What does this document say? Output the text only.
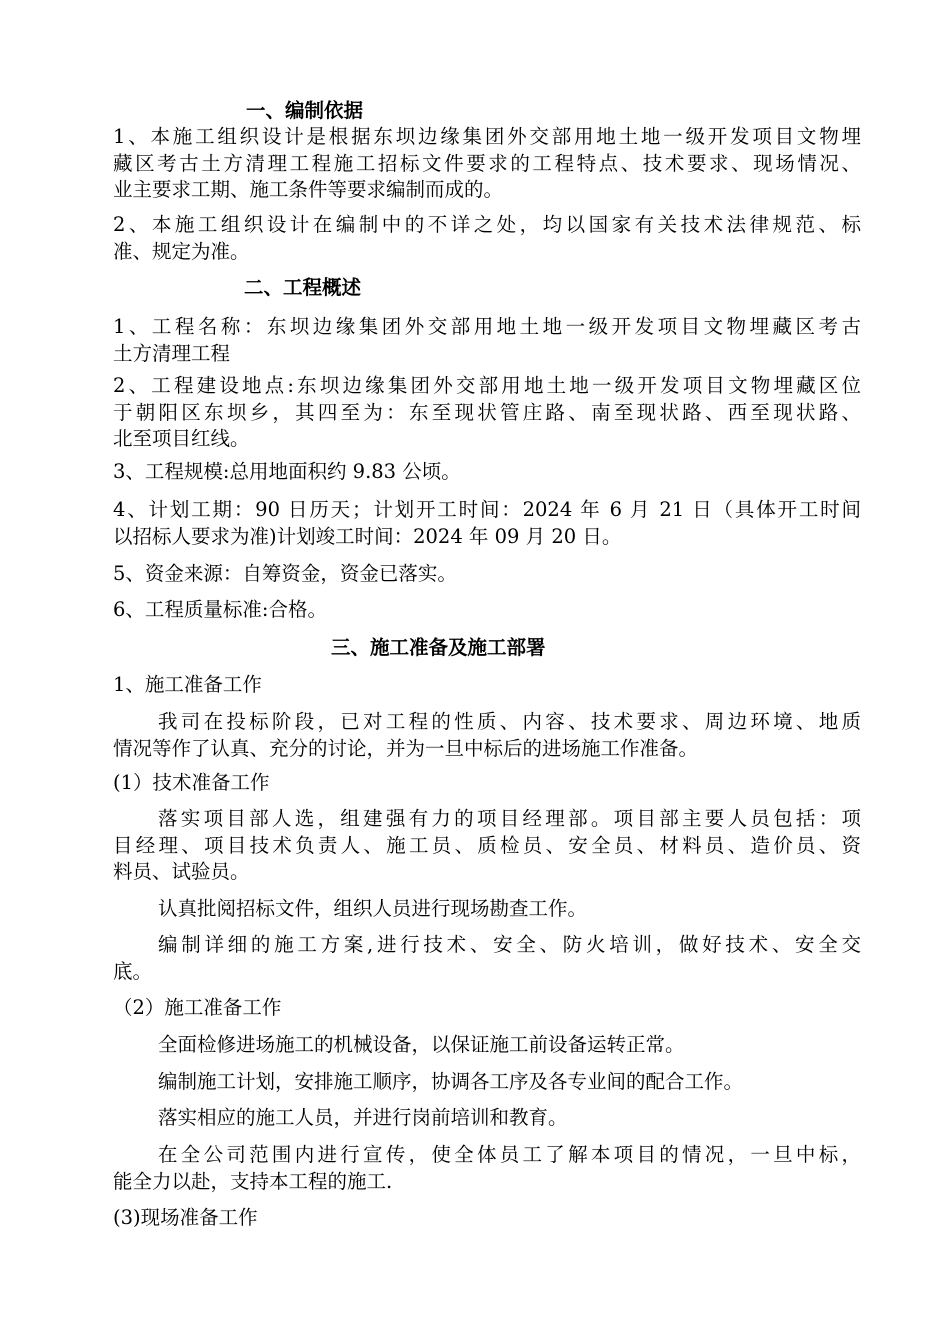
一、编制依据
1、本施工组织设计是根据东坝边缘集团外交部用地土地一级开发项目文物埋
藏区考古土方清理工程施工招标文件要求的工程特点、技术要求、现场情况、
业主要求工期、施工条件等要求编制而成的。
2、本施工组织设计在编制中的不详之处，均以国家有关技术法律规范、标
准、规定为准。
二、工程概述
1、工程名称：东坝边缘集团外交部用地土地一级开发项目文物埋藏区考古
土方清理工程
2、工程建设地点:东坝边缘集团外交部用地土地一级开发项目文物埋藏区位
于朝阳区东坝乡，其四至为：东至现状管庄路、南至现状路、西至现状路、
北至项目红线。
3、工程规模:总用地面积约 9.83 公顷。
4、计划工期：90 日历天；计划开工时间：2024 年 6 月 21 日（具体开工时间
以招标人要求为准)计划竣工时间：2024 年 09 月 20 日。
5、资金来源：自筹资金，资金已落实。
6、工程质量标准:合格。
三、施工准备及施工部署
1、施工准备工作
我司在投标阶段，已对工程的性质、内容、技术要求、周边环境、地质
情况等作了认真、充分的讨论，并为一旦中标后的进场施工作准备。
(1）技术准备工作
落实项目部人选，组建强有力的项目经理部。项目部主要人员包括：项
目经理、项目技术负责人、施工员、质检员、安全员、材料员、造价员、资
料员、试验员。
认真批阅招标文件，组织人员进行现场勘查工作。
编制详细的施工方案,进行技术、安全、防火培训，做好技术、安全交
底。
（2）施工准备工作
全面检修进场施工的机械设备，以保证施工前设备运转正常。
编制施工计划，安排施工顺序，协调各工序及各专业间的配合工作。
落实相应的施工人员，并进行岗前培训和教育。
在全公司范围内进行宣传，使全体员工了解本项目的情况，一旦中标，
能全力以赴，支持本工程的施工.
(3)现场准备工作
